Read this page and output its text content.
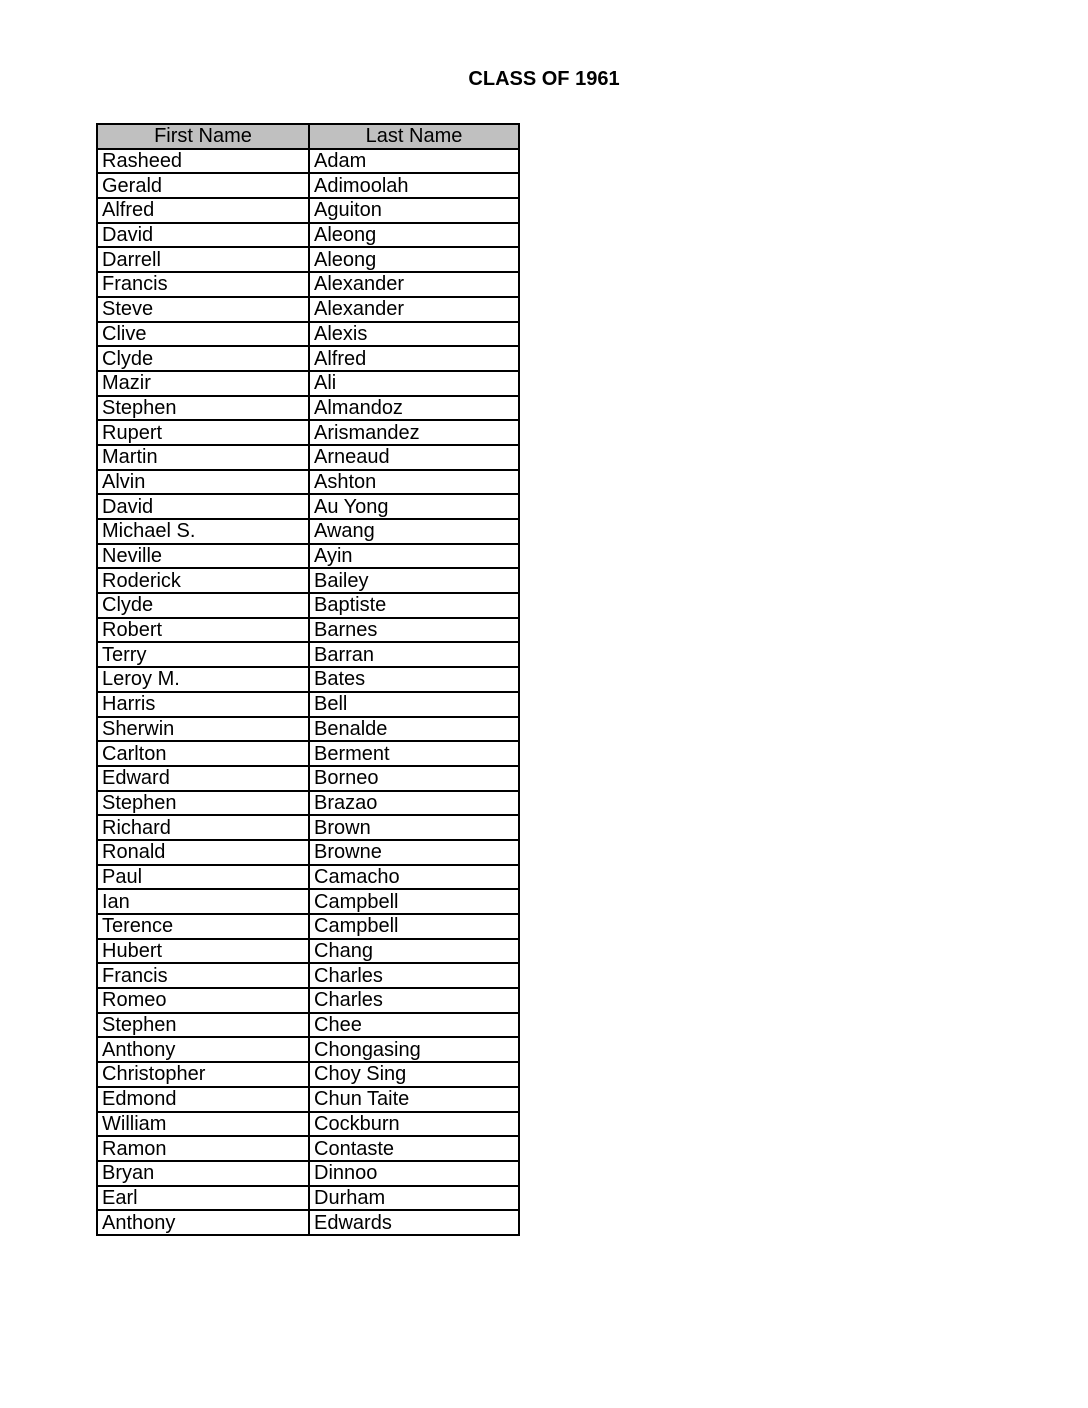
CLASS OF 1961
First Name	Last Name
Rasheed	Adam
Gerald	Adimoolah
Alfred	Aguiton
David	Aleong
Darrell	Aleong
Francis	Alexander
Steve	Alexander
Clive	Alexis
Clyde	Alfred
Mazir	Ali
Stephen	Almandoz
Rupert	Arismandez
Martin	Arneaud
Alvin	Ashton
David	Au Yong
Michael S.	Awang
Neville	Ayin
Roderick	Bailey
Clyde	Baptiste
Robert	Barnes
Terry	Barran
Leroy M.	Bates
Harris	Bell
Sherwin	Benalde
Carlton	Berment
Edward	Borneo
Stephen	Brazao
Richard	Brown
Ronald	Browne
Paul	Camacho
Ian	Campbell
Terence	Campbell
Hubert	Chang
Francis	Charles
Romeo	Charles
Stephen	Chee
Anthony	Chongasing
Christopher	Choy Sing
Edmond	Chun Taite
William	Cockburn
Ramon	Contaste
Bryan	Dinnoo
Earl	Durham
Anthony	Edwards
